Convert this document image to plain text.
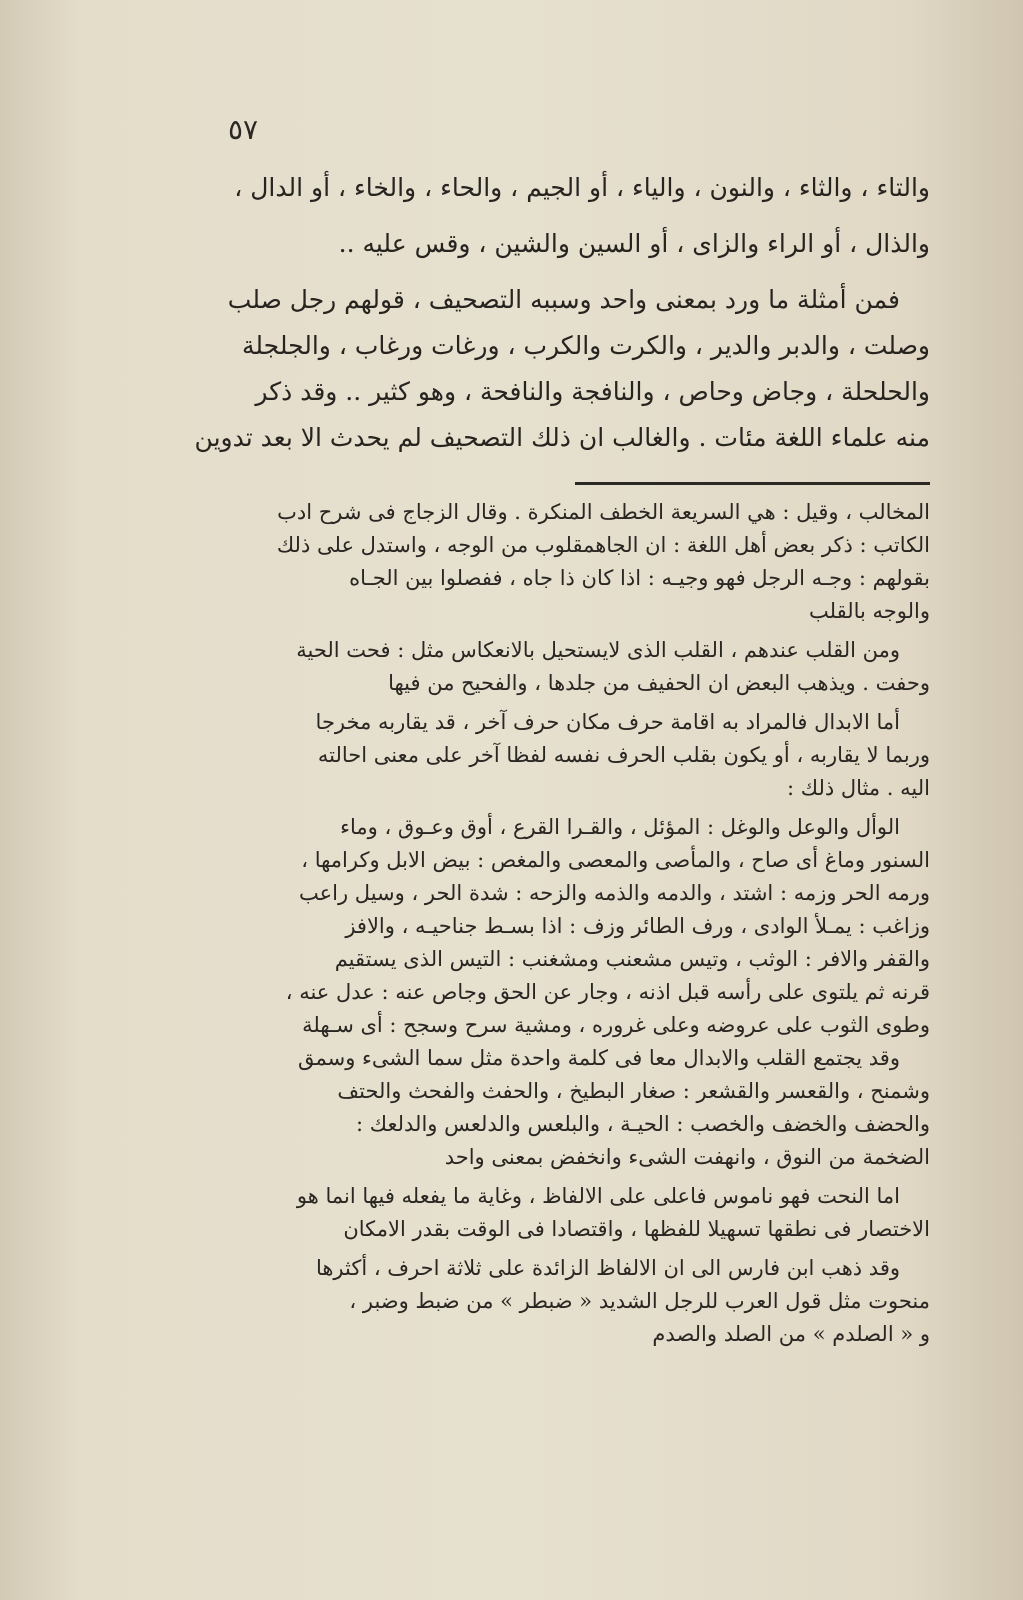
٥٧
والتاء ، والثاء ، والنون ، والياء ، أو الجيم ، والحاء ، والخاء ، أو الدال ،
والذال ، أو الراء والزاى ، أو السين والشين ، وقس عليه ..
فمن أمثلة ما ورد بمعنى واحد وسببه التصحيف ، قولهم رجل صلب
وصلت ، والدبر والدير ، والكرت والكرب ، ورغات ورغاب ، والجلجلة
والحلحلة ، وجاض وحاص ، والنافجة والنافحة ، وهو كثير .. وقد ذكر
منه علماء اللغة مئات . والغالب ان ذلك التصحيف لم يحدث الا بعد تدوين
المخالب ، وقيل : هي السريعة الخطف المنكرة . وقال الزجاج فى شرح ادب
الكاتب : ذكر بعض أهل اللغة : ان الجاهمقلوب من الوجه ، واستدل على ذلك
بقولهم : وجـه الرجل فهو وجيـه : اذا كان ذا جاه ، ففصلوا بين الجـاه
والوجه بالقلب
ومن القلب عندهم ، القلب الذى لايستحيل بالانعكاس مثل : فحت الحية
وحفت . ويذهب البعض ان الحفيف من جلدها ، والفحيح من فيها
أما الابدال فالمراد به اقامة حرف مكان حرف آخر ، قد يقاربه مخرجا
وربما لا يقاربه ، أو يكون بقلب الحرف نفسه لفظا آخر على معنى احالته
اليه . مثال ذلك :
الوأل والوعل والوغل : المؤئل ، والقـرا القرع ، أوق وعـوق ، وماء
السنور وماغ أى صاح ، والمأصى والمعصى والمغص : بيض الابل وكرامها ،
ورمه الحر وزمه : اشتد ، والدمه والذمه والزحه : شدة الحر ، وسيل راعب
وزاغب : يمـلأ الوادى ، ورف الطائر وزف : اذا بسـط جناحيـه ، والافز
والقفر والافر : الوثب ، وتيس مشعنب ومشغنب : التيس الذى يستقيم
قرنه ثم يلتوى على رأسه قبل اذنه ، وجار عن الحق وجاص عنه : عدل عنه ،
وطوى الثوب على عروضه وعلى غروره ، ومشية سرح وسجح : أى سـهلة
وقد يجتمع القلب والابدال معا فى كلمة واحدة مثل سما الشىء وسمق
وشمنح ، والقعسر والقشعر : صغار البطيخ ، والحفث والفحث والحتف
والحضف والخضف والخصب : الحيـة ، والبلعس والدلعس والدلعك :
الضخمة من النوق ، وانهفت الشىء وانخفض بمعنى واحد
اما النحت فهو ناموس فاعلى على الالفاظ ، وغاية ما يفعله فيها انما هو
الاختصار فى نطقها تسهيلا للفظها ، واقتصادا فى الوقت بقدر الامكان
وقد ذهب ابن فارس الى ان الالفاظ الزائدة على ثلاثة احرف ، أكثرها
منحوت مثل قول العرب للرجل الشديد « ضبطر » من ضبط وضبر ،
و « الصلدم » من الصلد والصدم
